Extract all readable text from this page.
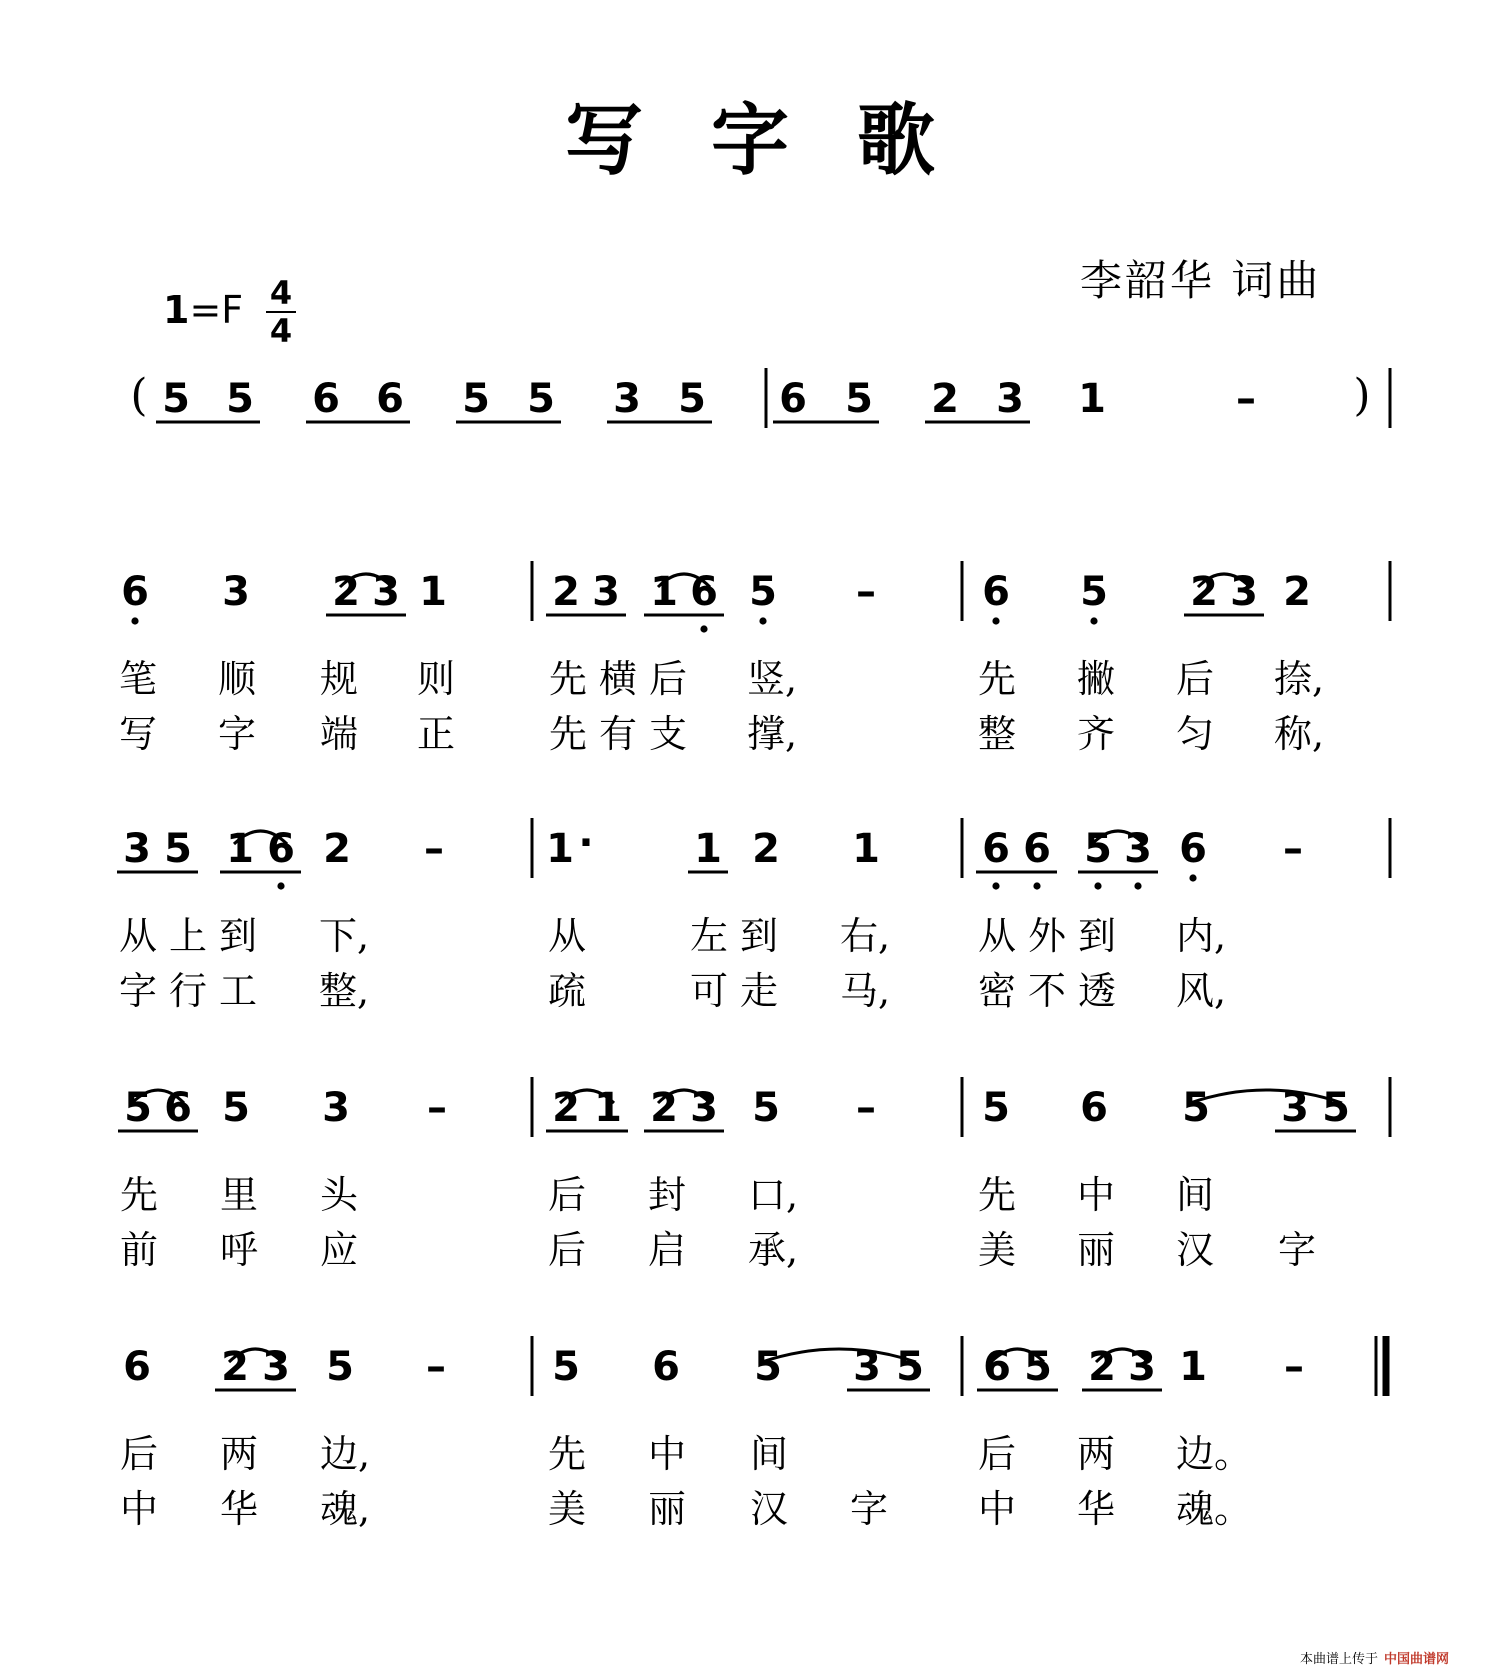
写字歌
李韶华 词曲
1=F 4
4
5 5 6 6 5 5 3 5 6 5 2 3 1	–
(	)
6 3 2 3 1	2 3 1 6 5 –	6 5 2 3 2
笔 顺 规 则 先 横 后 竖,	先 撇 后 捺,
写 字 端 正 先 有 支 撑,	整 齐 匀 称,
3 5 1 6 2 –	1 ·	1 2 1	6 6 5 3 6 –
从 上 到 下,	从	左 到 右, 从 外 到 内,
字 行 工 整,	疏	可 走 马, 密 不 透 风,
5 6 5 3 –	2 1 2 3 5 –	5 6 5 3 5
先 里 头	后 封 口,	先 中 间
前 呼 应	后 启 承,	美 丽 汉 字
6 2 3 5 –	5 6 5 3 5 6 5 2 3 1 –
后 两 边,	先 中 间	后 两 边。
中 华 魂,	美 丽 汉 字 中 华 魂。
本曲谱上传于 中国曲谱网
